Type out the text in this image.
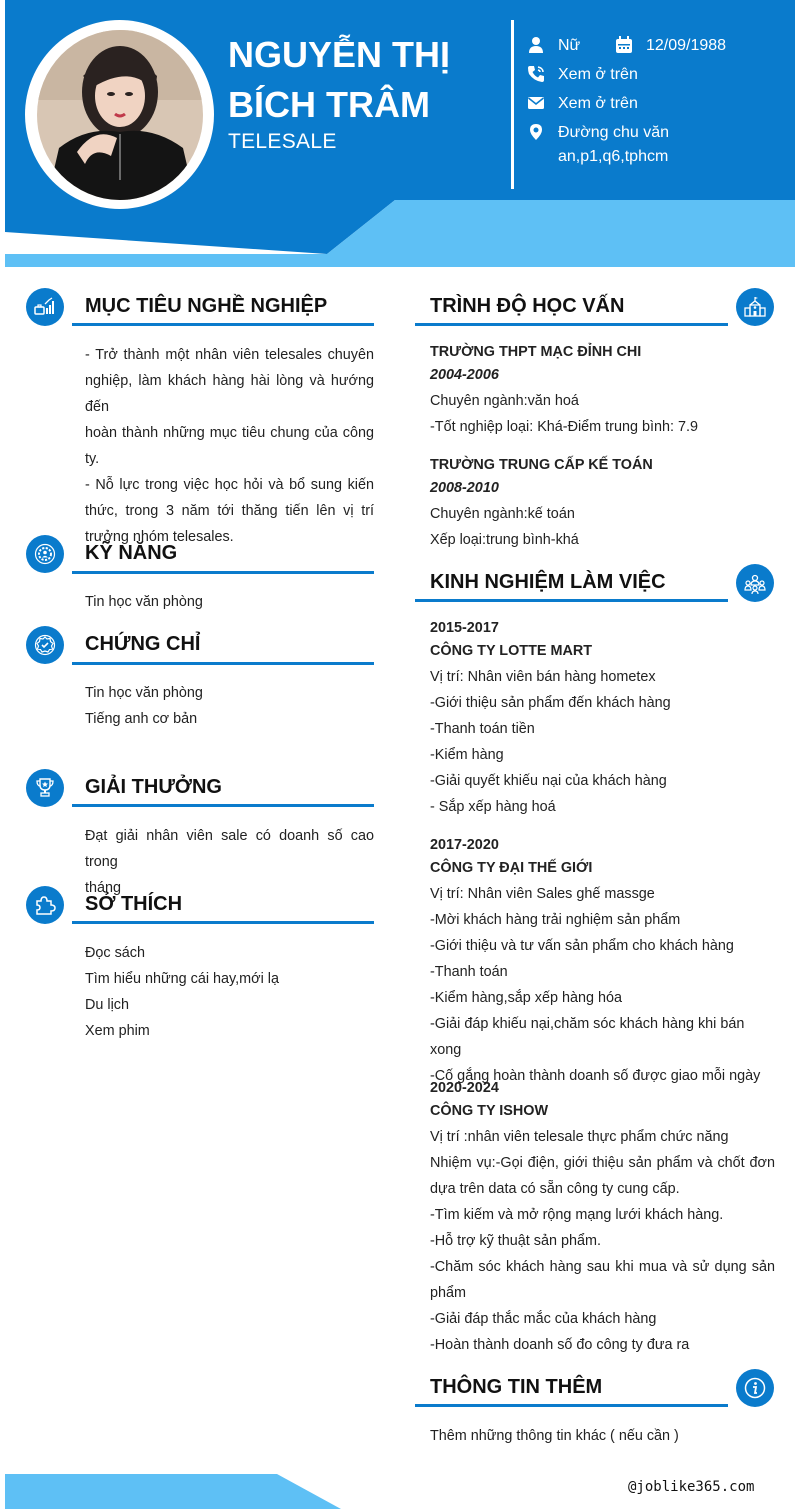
NGUYỄN THỊ
BÍCH TRÂM
TELESALE
Nữ	12/09/1988
Xem ở trên
Xem ở trên
Đường chu văn
an,p1,q6,tphcm
MỤC TIÊU NGHỀ NGHIỆP
- Trở thành một nhân viên telesales chuyên
nghiệp, làm khách hàng hài lòng và hướng đến
hoàn thành những mục tiêu chung của công
ty.
- Nỗ lực trong việc học hỏi và bổ sung kiến
thức, trong 3 năm tới thăng tiến lên vị trí
trưởng nhóm telesales.
KỸ NĂNG
Tin học văn phòng
CHỨNG CHỈ
Tin học văn phòng
Tiếng anh cơ bản
GIẢI THƯỞNG
Đạt giải nhân viên sale có doanh số cao trong
tháng
SỞ THÍCH
Đọc sách
Tìm hiểu những cái hay,mới lạ
Du lịch
Xem phim
TRÌNH ĐỘ HỌC VẤN
TRƯỜNG THPT MẠC ĐỈNH CHI
2004-2006
Chuyên ngành:văn hoá
-Tốt nghiệp loại: Khá-Điểm trung bình: 7.9
TRƯỜNG TRUNG CẤP KẾ TOÁN
2008-2010
Chuyên ngành:kế toán
Xếp loại:trung bình-khá
KINH NGHIỆM LÀM VIỆC
2015-2017
CÔNG TY LOTTE MART
Vị trí: Nhân viên bán hàng hometex
-Giới thiệu sản phẩm đến khách hàng
-Thanh toán tiền
-Kiểm hàng
-Giải quyết khiếu nại của khách hàng
- Sắp xếp hàng hoá
2017-2020
CÔNG TY ĐẠI THẾ GIỚI
Vị trí: Nhân viên Sales ghế massge
-Mời khách hàng trải nghiệm sản phẩm
-Giới thiệu và tư vấn sản phẩm cho khách hàng
-Thanh toán
-Kiểm hàng,sắp xếp hàng hóa
-Giải đáp khiếu nại,chăm sóc khách hàng khi bán xong
-Cố gắng hoàn thành doanh số được giao mỗi ngày
2020-2024
CÔNG TY ISHOW
Vị trí :nhân viên telesale thực phẩm chức năng
Nhiệm vụ:-Gọi điện, giới thiệu sản phẩm và chốt đơn
dựa trên data có sẵn công ty cung cấp.
-Tìm kiếm và mở rộng mạng lưới khách hàng.
-Hỗ trợ kỹ thuật sản phẩm.
-Chăm sóc khách hàng sau khi mua và sử dụng sản
phẩm
-Giải đáp thắc mắc của khách hàng
-Hoàn thành doanh số đo công ty đưa ra
THÔNG TIN THÊM
Thêm những thông tin khác ( nếu cần )
@joblike365.com
